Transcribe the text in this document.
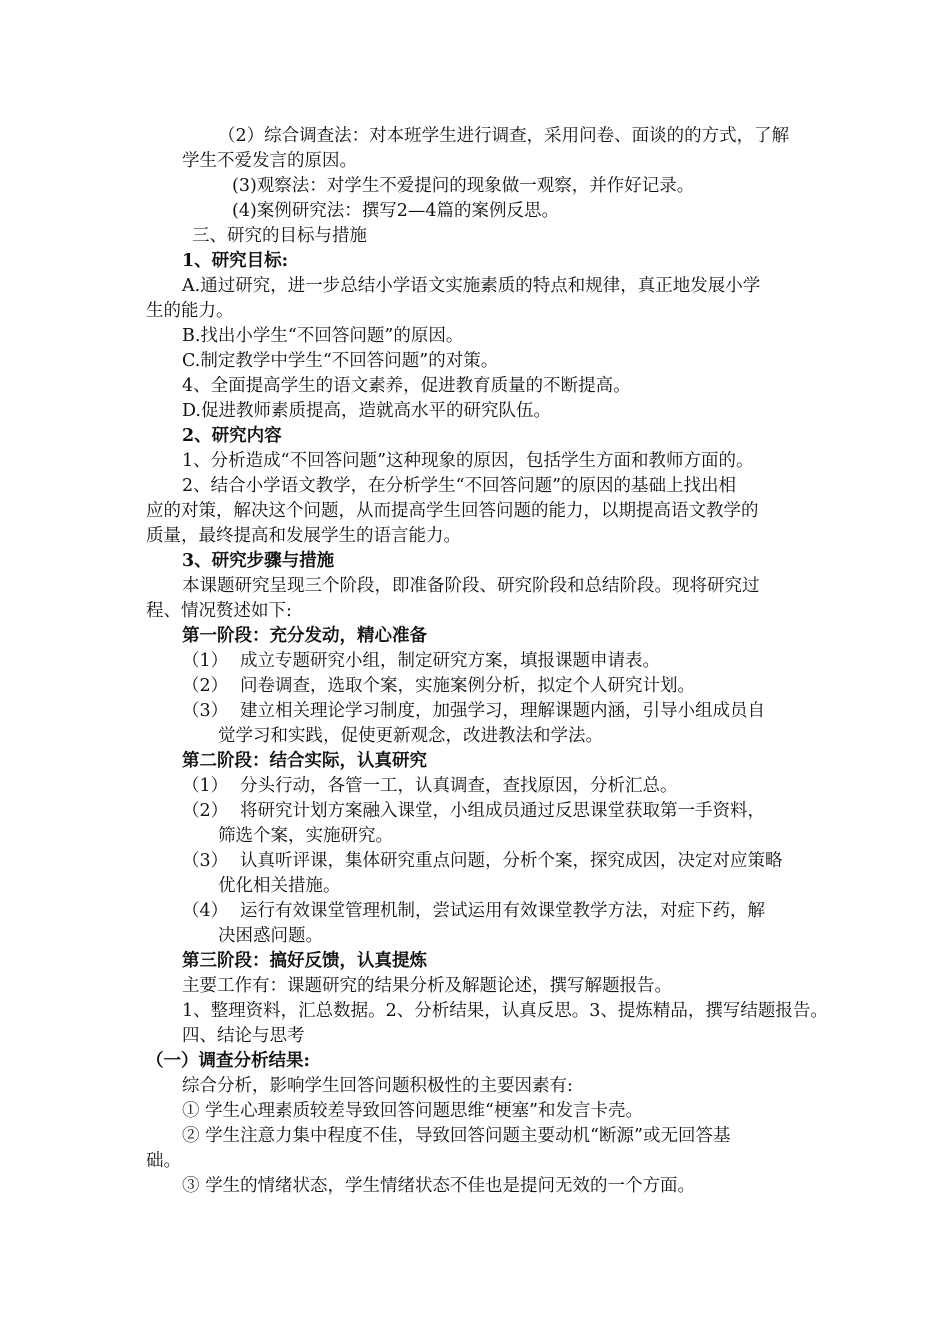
（2）综合调查法：对本班学生进行调查，采用问卷、面谈的的方式，了解
学生不爱发言的原因。
(3)观察法：对学生不爱提问的现象做一观察，并作好记录。
(4)案例研究法：撰写2—4篇的案例反思。
三、研究的目标与措施
1、研究目标:
A.通过研究，进一步总结小学语文实施素质的特点和规律，真正地发展小学
生的能力。
B.找出小学生“不回答问题”的原因。
C.制定教学中学生“不回答问题”的对策。
4、全面提高学生的语文素养，促进教育质量的不断提高。
D.促进教师素质提高，造就高水平的研究队伍。
2、研究内容
1、分析造成“不回答问题”这种现象的原因，包括学生方面和教师方面的。
2、结合小学语文教学，在分析学生“不回答问题”的原因的基础上找出相
应的对策，解决这个问题，从而提高学生回答问题的能力，以期提高语文教学的
质量，最终提高和发展学生的语言能力。
3、研究步骤与措施
本课题研究呈现三个阶段，即准备阶段、研究阶段和总结阶段。现将研究过
程、情况赘述如下:
第一阶段：充分发动，精心准备
（1） 成立专题研究小组，制定研究方案，填报课题申请表。
（2） 问卷调查，选取个案，实施案例分析，拟定个人研究计划。
（3） 建立相关理论学习制度，加强学习，理解课题内涵，引导小组成员自
觉学习和实践，促使更新观念，改进教法和学法。
第二阶段：结合实际，认真研究
（1） 分头行动，各管一工，认真调查，查找原因，分析汇总。
（2） 将研究计划方案融入课堂，小组成员通过反思课堂获取第一手资料，
筛选个案，实施研究。
（3） 认真听评课，集体研究重点问题，分析个案，探究成因，决定对应策略
优化相关措施。
（4） 运行有效课堂管理机制，尝试运用有效课堂教学方法，对症下药，解
决困惑问题。
第三阶段：搞好反馈，认真提炼
主要工作有：课题研究的结果分析及解题论述，撰写解题报告。
1、整理资料，汇总数据。2、分析结果，认真反思。3、提炼精品，撰写结题报告。
四、结论与思考
（一）调查分析结果:
综合分析，影响学生回答问题积极性的主要因素有:
① 学生心理素质较差导致回答问题思维“梗塞”和发言卡壳。
② 学生注意力集中程度不佳，导致回答问题主要动机“断源”或无回答基
础。
③ 学生的情绪状态，学生情绪状态不佳也是提问无效的一个方面。
